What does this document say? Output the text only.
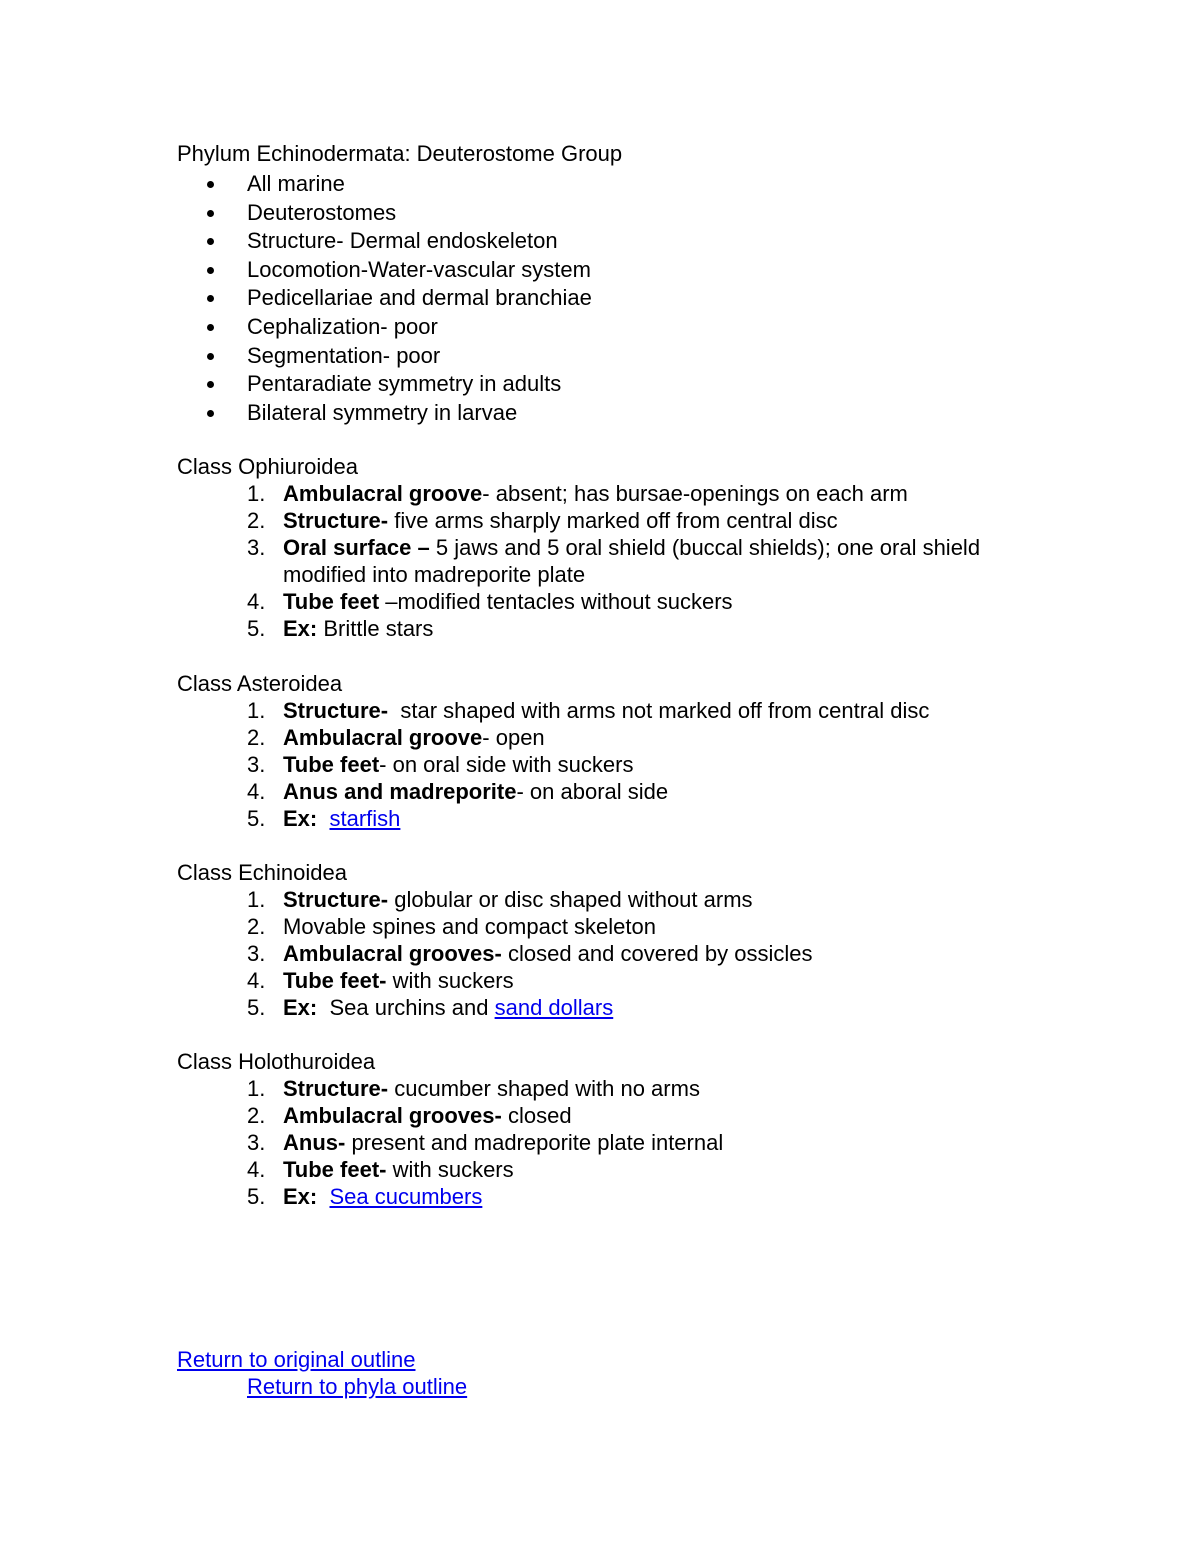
Phylum Echinodermata: Deuterostome Group
All marine
Deuterostomes
Structure- Dermal endoskeleton
Locomotion-Water-vascular system
Pedicellariae and dermal branchiae
Cephalization- poor
Segmentation- poor
Pentaradiate symmetry in adults
Bilateral symmetry in larvae
Class Ophiuroidea
1. Ambulacral groove- absent; has bursae-openings on each arm
2. Structure- five arms sharply marked off from central disc
3. Oral surface – 5 jaws and 5 oral shield (buccal shields); one oral shield modified into madreporite plate
4. Tube feet –modified tentacles without suckers
5. Ex: Brittle stars
Class Asteroidea
1. Structure-  star shaped with arms not marked off from central disc
2. Ambulacral groove- open
3. Tube feet- on oral side with suckers
4. Anus and madreporite- on aboral side
5. Ex: starfish
Class Echinoidea
1. Structure- globular or disc shaped without arms
2. Movable spines and compact skeleton
3. Ambulacral grooves- closed and covered by ossicles
4. Tube feet- with suckers
5. Ex:  Sea urchins and sand dollars
Class Holothuroidea
1. Structure- cucumber shaped with no arms
2. Ambulacral grooves- closed
3. Anus- present and madreporite plate internal
4. Tube feet- with suckers
5. Ex: Sea cucumbers
Return to original outline
Return to phyla outline
